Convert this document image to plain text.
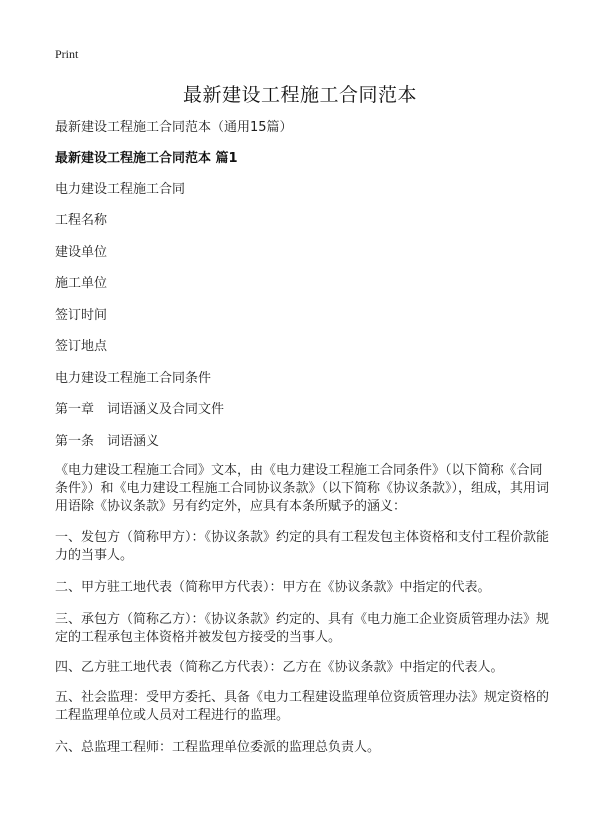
Print
最新建设工程施工合同范本
最新建设工程施工合同范本（通用15篇）
最新建设工程施工合同范本 篇1
电力建设工程施工合同
工程名称
建设单位
施工单位
签订时间
签订地点
电力建设工程施工合同条件
第一章　词语涵义及合同文件
第一条　词语涵义
《电力建设工程施工合同》文本，由《电力建设工程施工合同条件》（以下简称《合同条件》）和《电力建设工程施工合同协议条款》（以下简称《协议条款》），组成，其用词用语除《协议条款》另有约定外，应具有本条所赋予的涵义：
一、发包方（简称甲方）：《协议条款》约定的具有工程发包主体资格和支付工程价款能力的当事人。
二、甲方驻工地代表（简称甲方代表）：甲方在《协议条款》中指定的代表。
三、承包方（简称乙方）：《协议条款》约定的、具有《电力施工企业资质管理办法》规定的工程承包主体资格并被发包方接受的当事人。
四、乙方驻工地代表（简称乙方代表）：乙方在《协议条款》中指定的代表人。
五、社会监理：受甲方委托、具备《电力工程建设监理单位资质管理办法》规定资格的工程监理单位或人员对工程进行的监理。
六、总监理工程师：工程监理单位委派的监理总负责人。
